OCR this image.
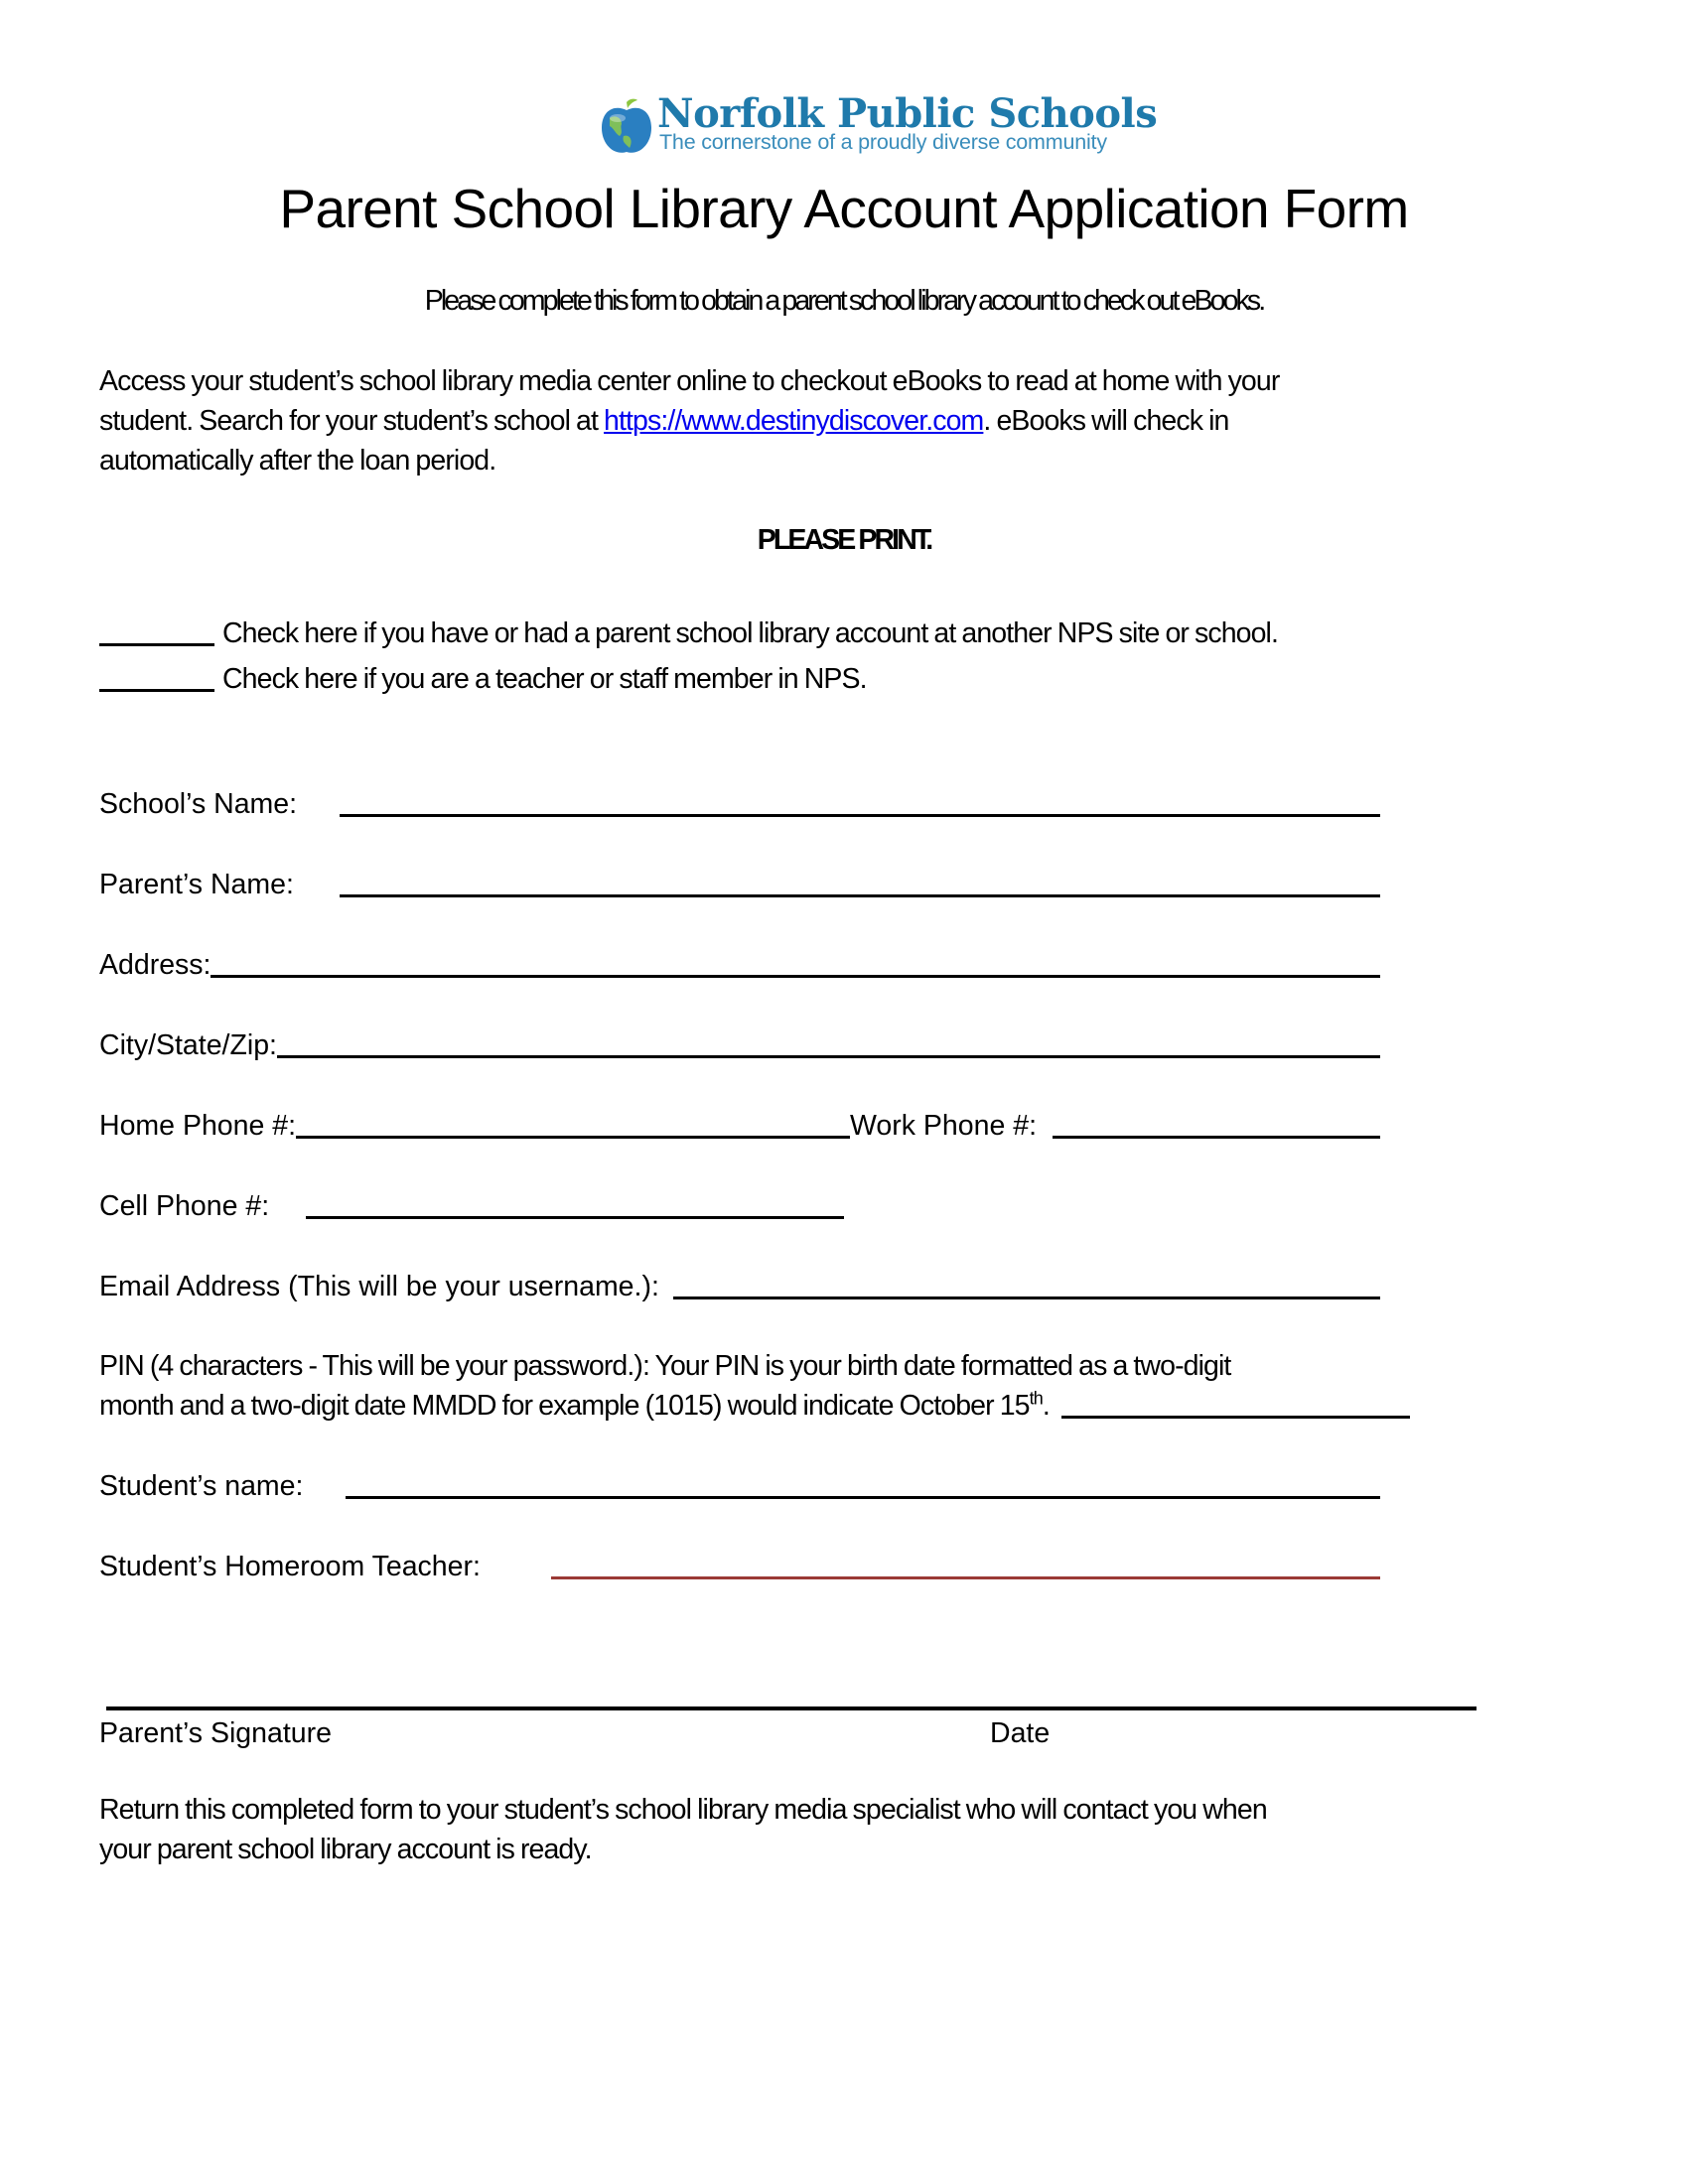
Norfolk Public Schools
The cornerstone of a proudly diverse community
Parent School Library Account Application Form
Please complete this form to obtain a parent school library account to check out eBooks.
Access your student’s school library media center online to checkout eBooks to read at home with your
student. Search for your student’s school at https://www.destinydiscover.com. eBooks will check in
automatically after the loan period.
PLEASE PRINT.
Check here if you have or had a parent school library account at another NPS site or school.
Check here if you are a teacher or staff member in NPS.
School’s Name:
Parent’s Name:
Address:
City/State/Zip:
Home Phone #:	Work Phone #:
Cell Phone #:
Email Address (This will be your username.):
PIN (4 characters - This will be your password.): Your PIN is your birth date formatted as a two-digit
month and a two-digit date MMDD for example (1015) would indicate October 15th.
Student’s name:
Student’s Homeroom Teacher:
Parent’s Signature	Date
Return this completed form to your student’s school library media specialist who will contact you when
your parent school library account is ready.
